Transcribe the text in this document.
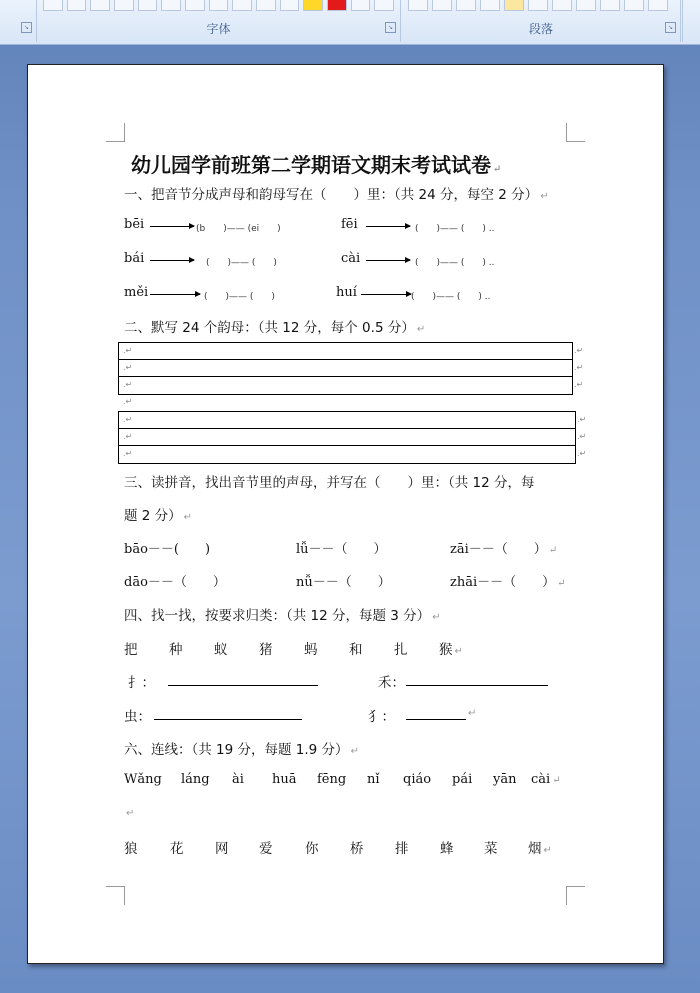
↘	字体	↘	段落	↘
幼儿园学前班第二学期语文期末考试试卷 ↵
一、把音节分成声母和韵母写在（　　）里：（共 24 分，每空 2 分） ↵
bēi	(b　　)—— (ei　　)	fēi	(　　)—— (　　) ..
bái	(　　)—— (　　)	cài	(　　)—— (　　) ..
měi	(　　)—— (　　)	huí	(　　)—— (　　) ..
二、默写 24 个韵母：（共 12 分，每个 0.5 分） ↵
.↵
.↵
.↵
.↵
.↵
.↵
.↵
.↵
.↵
.↵
.↵
.↵
.↵
三、读拼音，找出音节里的声母，并写在（　　）里：（共 12 分，每
题 2 分） ↵
bāo－－(　　)	lǚ－－（　　）	zāi－－（　　） ↵
dāo－－（　　）	nǚ－－（　　）	zhāi－－（　　） ↵
四、找一找，按要求归类：（共 12 分，每题 3 分） ↵
把 种 蚁 猪 蚂 和 扎 猴 ↵
扌：	禾：
虫：	犭：	↵
六、连线：（共 19 分，每题 1.9 分） ↵
Wǎng láng ài huā fēng nǐ qiáo pái yān cài ↵
↵
狼 花 网 爱 你 桥 排 蜂 菜 烟 ↵
